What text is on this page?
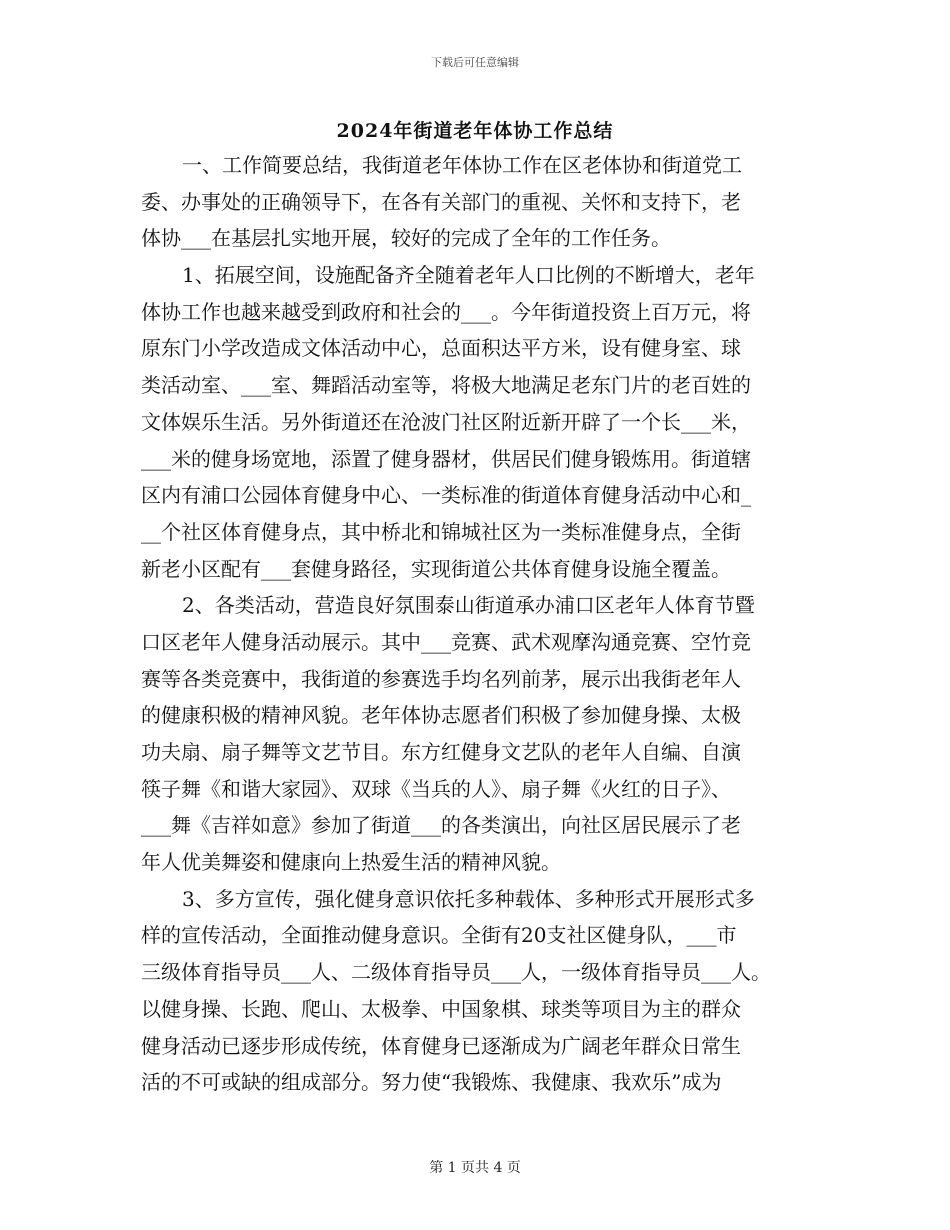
下载后可任意编辑
2024年街道老年体协工作总结
一、工作简要总结，我街道老年体协工作在区老体协和街道党工
委、办事处的正确领导下，在各有关部门的重视、关怀和支持下，老
体协___在基层扎实地开展，较好的完成了全年的工作任务。
1、拓展空间，设施配备齐全随着老年人口比例的不断增大，老年
体协工作也越来越受到政府和社会的___。今年街道投资上百万元，将
原东门小学改造成文体活动中心，总面积达平方米，设有健身室、球
类活动室、___室、舞蹈活动室等，将极大地满足老东门片的老百姓的
文体娱乐生活。另外街道还在沧波门社区附近新开辟了一个长___米，
___米的健身场宽地，添置了健身器材，供居民们健身锻炼用。街道辖
区内有浦口公园体育健身中心、一类标准的街道体育健身活动中心和_
__个社区体育健身点，其中桥北和锦城社区为一类标准健身点，全街
新老小区配有___套健身路径，实现街道公共体育健身设施全覆盖。
2、各类活动，营造良好氛围泰山街道承办浦口区老年人体育节暨
口区老年人健身活动展示。其中___竞赛、武术观摩沟通竞赛、空竹竞
赛等各类竞赛中，我街道的参赛选手均名列前茅，展示出我街老年人
的健康积极的精神风貌。老年体协志愿者们积极了参加健身操、太极
功夫扇、扇子舞等文艺节目。东方红健身文艺队的老年人自编、自演
筷子舞《和谐大家园》、双球《当兵的人》、扇子舞《火红的日子》、
___舞《吉祥如意》参加了街道___的各类演出，向社区居民展示了老
年人优美舞姿和健康向上热爱生活的精神风貌。
3、多方宣传，强化健身意识依托多种载体、多种形式开展形式多
样的宣传活动，全面推动健身意识。全街有20支社区健身队，___市
三级体育指导员___人、二级体育指导员___人，一级体育指导员___人。
以健身操、长跑、爬山、太极拳、中国象棋、球类等项目为主的群众
健身活动已逐步形成传统，体育健身已逐渐成为广阔老年群众日常生
活的不可或缺的组成部分。努力使“我锻炼、我健康、我欢乐”成为
第 1 页共 4 页
